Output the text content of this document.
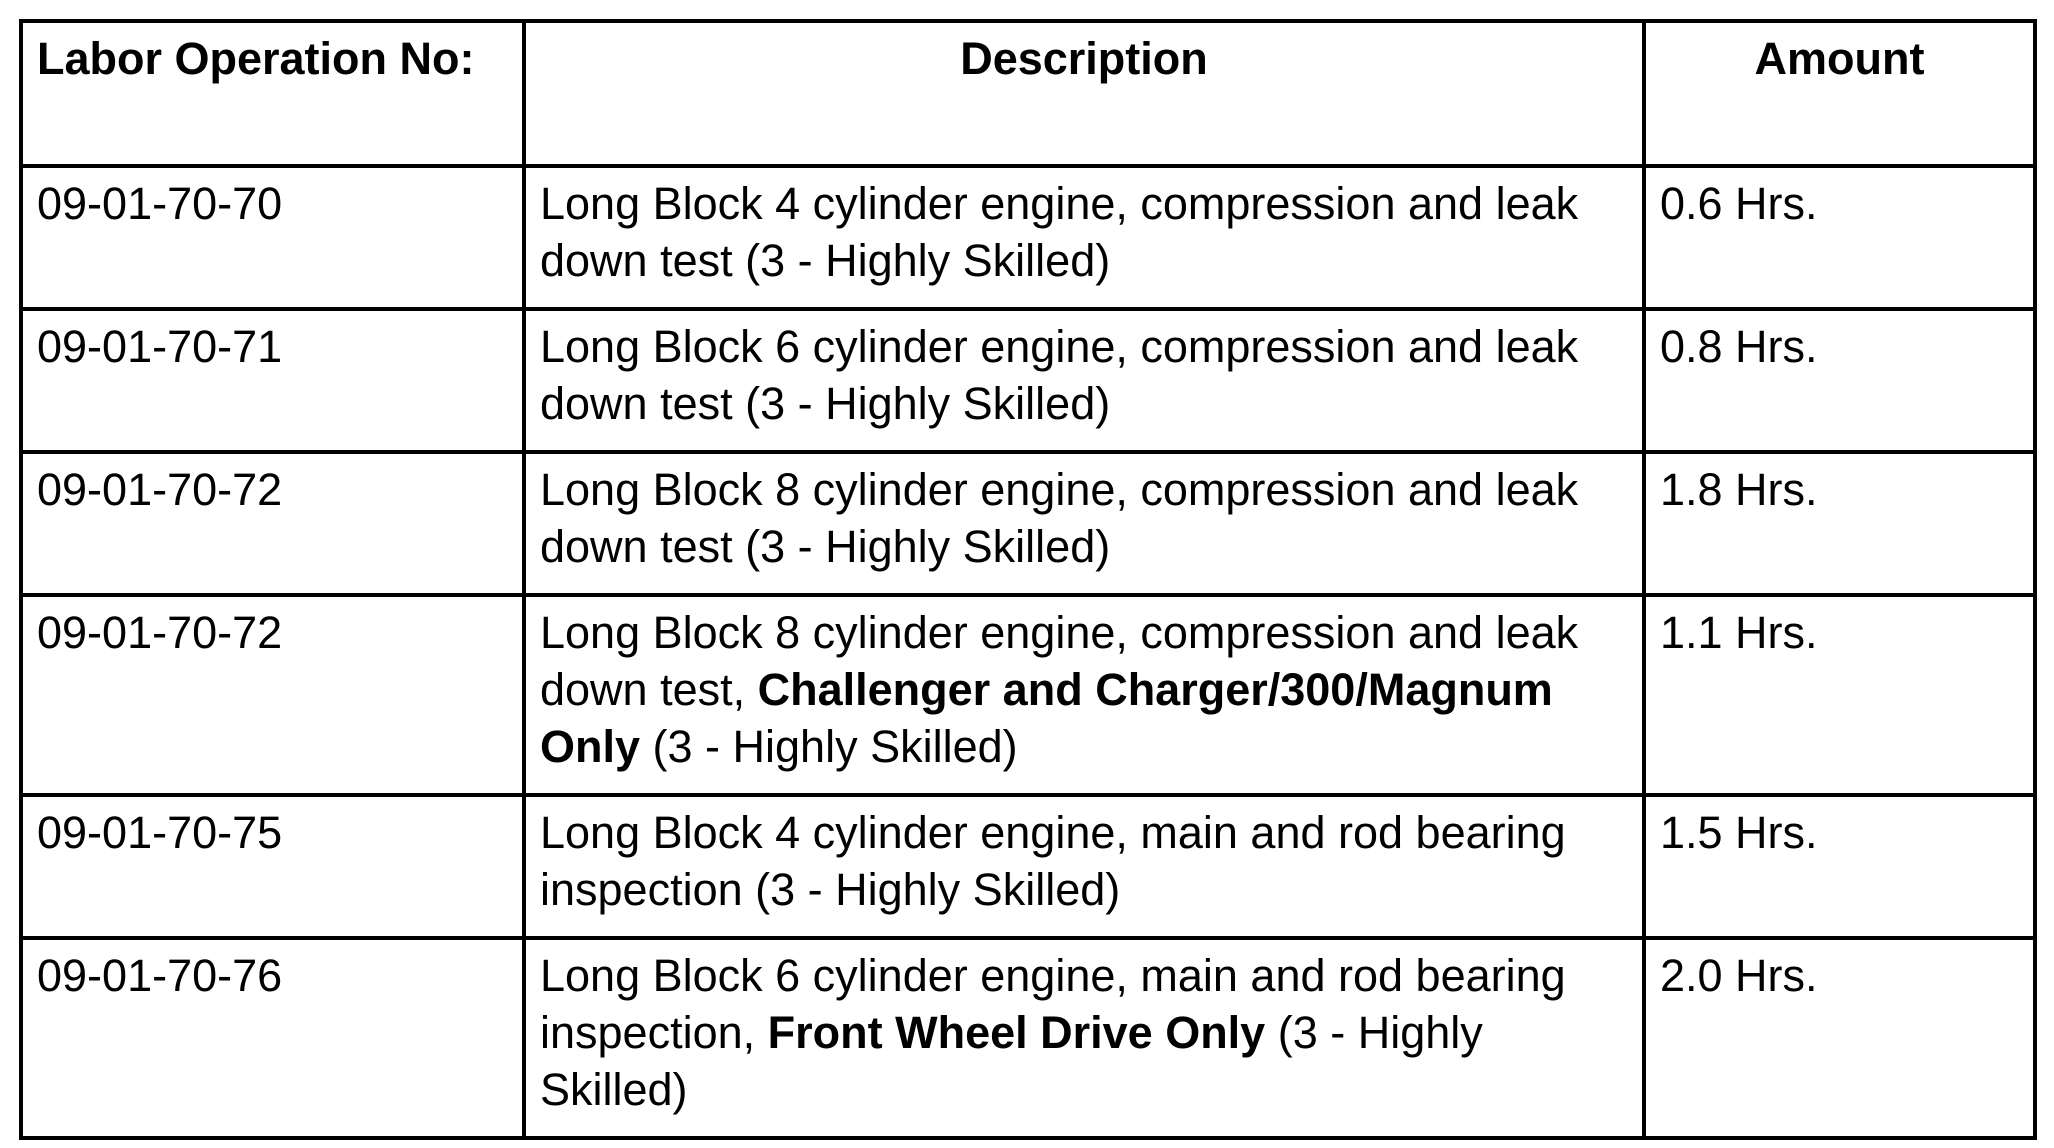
Labor Operation No:	Description	Amount
09-01-70-70	Long Block 4 cylinder engine, compression and leak down test (3 - Highly Skilled)	0.6 Hrs.
09-01-70-71	Long Block 6 cylinder engine, compression and leak down test (3 - Highly Skilled)	0.8 Hrs.
09-01-70-72	Long Block 8 cylinder engine, compression and leak down test (3 - Highly Skilled)	1.8 Hrs.
09-01-70-72	Long Block 8 cylinder engine, compression and leak down test, Challenger and Charger/300/Magnum Only (3 - Highly Skilled)	1.1 Hrs.
09-01-70-75	Long Block 4 cylinder engine, main and rod bearing inspection (3 - Highly Skilled)	1.5 Hrs.
09-01-70-76	Long Block 6 cylinder engine, main and rod bearing inspection, Front Wheel Drive Only (3 - Highly Skilled)	2.0 Hrs.
